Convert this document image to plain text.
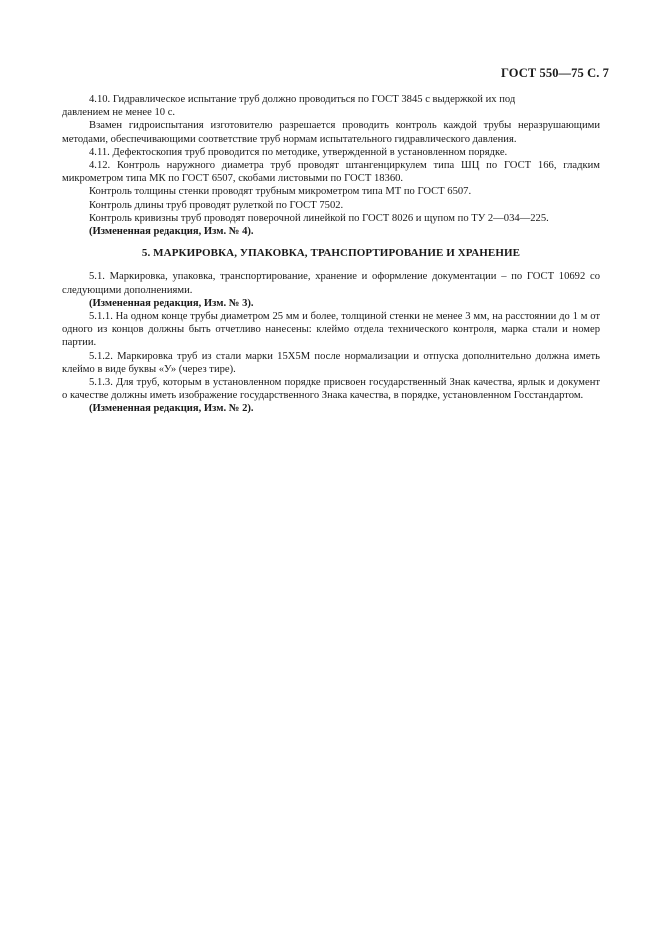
ГОСТ 550—75 С. 7

4.10. Гидравлическое испытание труб должно проводиться по ГОСТ 3845 с выдержкой их под

давлением не менее 10 с.

Взамен гидроиспытания изготовителю разрешается проводить контроль каждой трубы неразрушающими методами, обеспечивающими соответствие труб нормам испытательного гидравлического давления.

4.11. Дефектоскопия труб проводится по методике, утвержденной в установленном порядке.

4.12. Контроль наружного диаметра труб проводят штангенциркулем типа ШЦ по ГОСТ 166, гладким микрометром типа МК по ГОСТ 6507, скобами листовыми по ГОСТ 18360.

Контроль толщины стенки проводят трубным микрометром типа МТ по ГОСТ 6507.

Контроль длины труб проводят рулеткой по ГОСТ 7502.

Контроль кривизны труб проводят поверочной линейкой по ГОСТ 8026 и щупом по ТУ 2—034—225.

(Измененная редакция, Изм. № 4).

5. МАРКИРОВКА, УПАКОВКА, ТРАНСПОРТИРОВАНИЕ И ХРАНЕНИЕ

5.1. Маркировка, упаковка, транспортирование, хранение и оформление документации – по ГОСТ 10692 со следующими дополнениями.

(Измененная редакция, Изм. № 3).

5.1.1. На одном конце трубы диаметром 25 мм и более, толщиной стенки не менее 3 мм, на расстоянии до 1 м от одного из концов должны быть отчетливо нанесены: клеймо отдела технического контроля, марка стали и номер партии.

5.1.2. Маркировка труб из стали марки 15Х5М после нормализации и отпуска дополнительно должна иметь клеймо в виде буквы «У» (через тире).

5.1.3. Для труб, которым в установленном порядке присвоен государственный Знак качества, ярлык и документ о качестве должны иметь изображение государственного Знака качества, в порядке, установленном Госстандартом.

(Измененная редакция, Изм. № 2).
